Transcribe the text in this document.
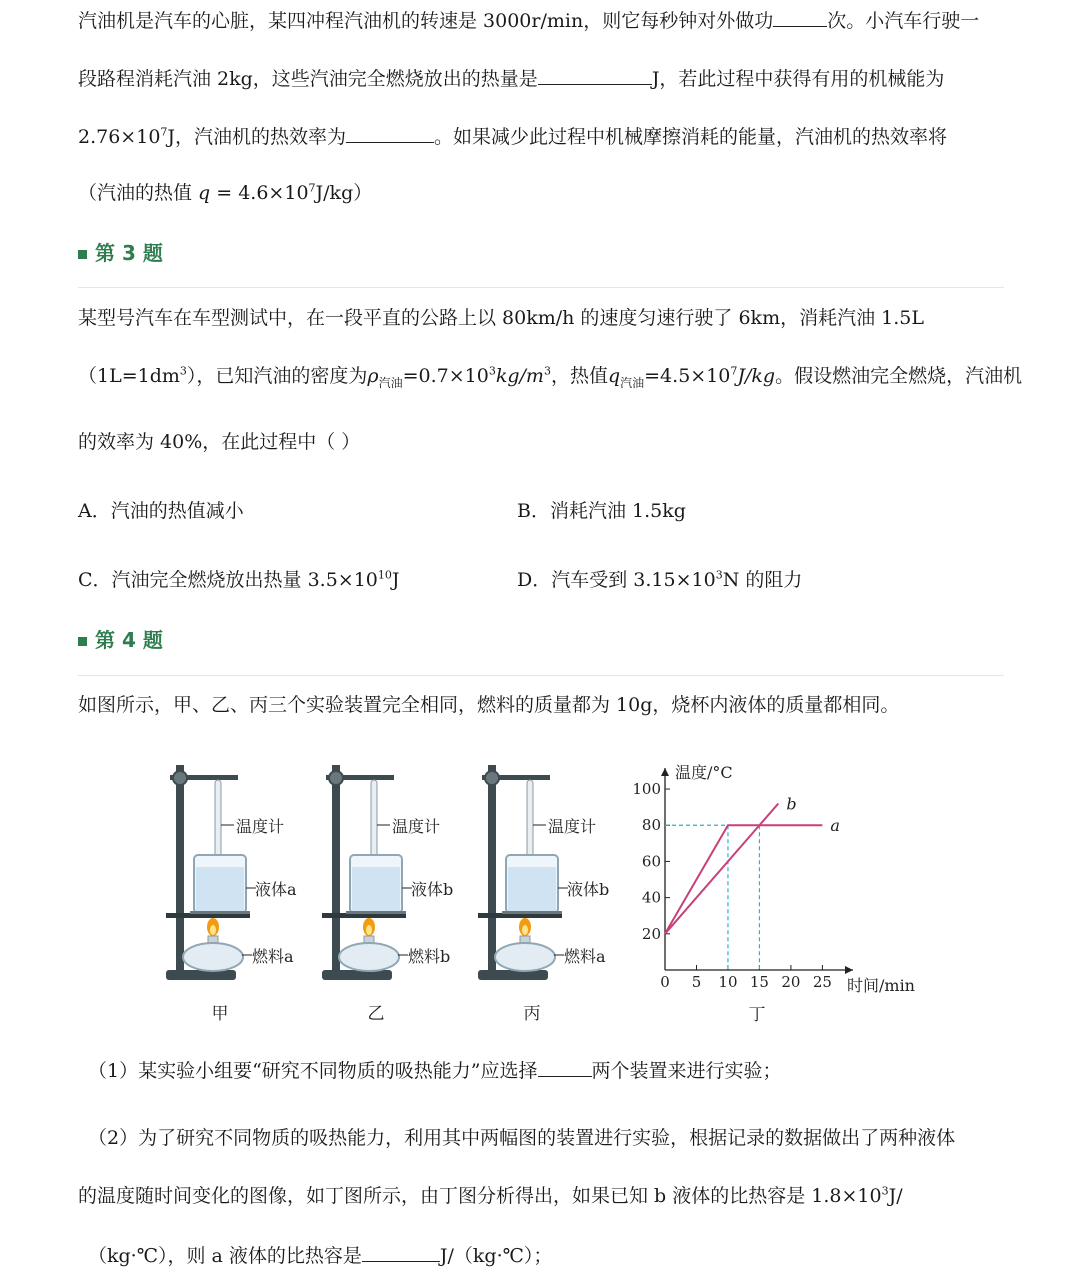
汽油机是汽车的心脏，某四冲程汽油机的转速是 3000r/min，则它每秒钟对外做功	次。小汽车行驶一
段路程消耗汽油 2kg，这些汽油完全燃烧放出的热量是	J，若此过程中获得有用的机械能为
$2.76\times 10^7J$，汽油机的热效率为	。如果减少此过程中机械摩擦消耗的能量，汽油机的热效率将
（汽油的热值 $q = 4.6\times 10^7J/kg$）
第 3 题
某型号汽车在车型测试中，在一段平直的公路上以 80km/h 的速度匀速行驶了 6km，消耗汽油 1.5L
$(1L=1dm^3)$，已知汽油的密度为$\rho_{汽油}=0.7\times 10^3kg/m^3$，热值$q_{汽油}=4.5\times 10^7J/kg$。假设燃油完全燃烧，汽油机
的效率为 40%，在此过程中（ ）
A．汽油的热值减小	B．消耗汽油 1.5kg
C．汽油完全燃烧放出热量 $3.5\times 10^{10}J$	D．汽车受到 $3.15\times 10^3N$ 的阻力
第 4 题
如图所示，甲、乙、丙三个实验装置完全相同，燃料的质量都为 10g，烧杯内液体的质量都相同。
温度计
液体a
燃料a
甲
温度计
液体b
燃料b
乙
温度计
液体b
燃料a
丙
0 5 10 15 20 25
20
40
60
80
100
温度/°C
时间/min
a
b
丁
（1）某实验小组要“研究不同物质的吸热能力”应选择	两个装置来进行实验；
（2）为了研究不同物质的吸热能力，利用其中两幅图的装置进行实验，根据记录的数据做出了两种液体
的温度随时间变化的图像，如丁图所示，由丁图分析得出，如果已知 b 液体的比热容是 $1.8\times 10^3J/$
（kg·℃），则 a 液体的比热容是	J/（kg·℃）；
